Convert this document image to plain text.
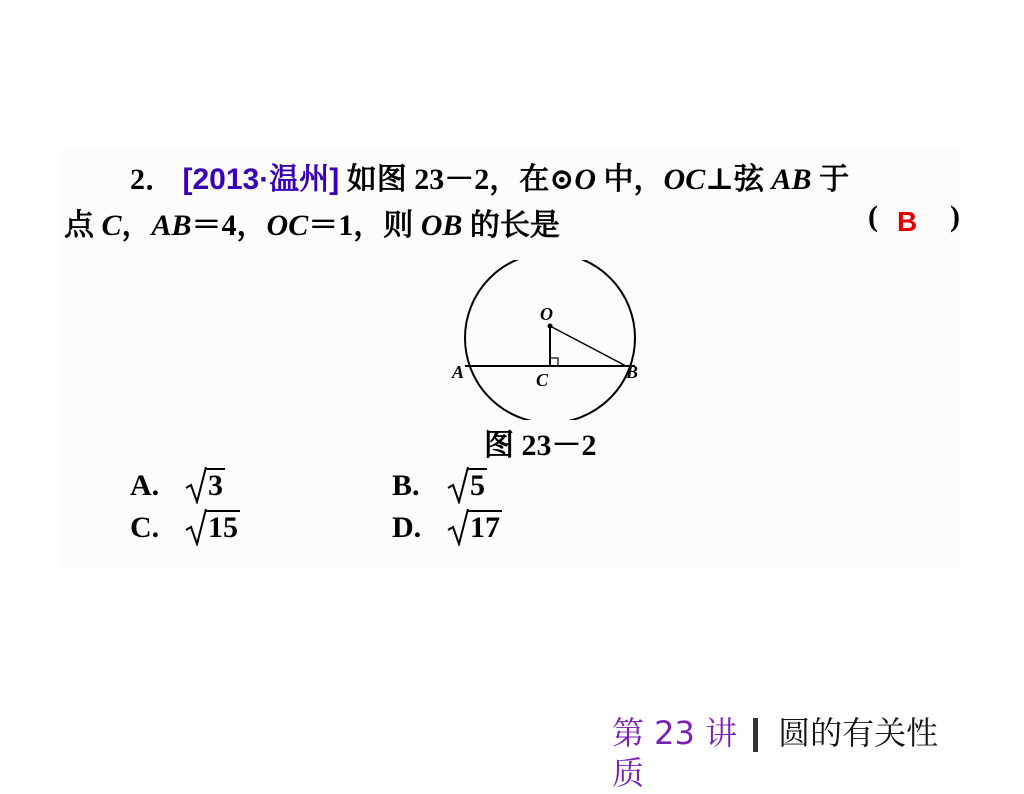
2． [2013·温州] 如图 23－2，在⊙O 中，OC⊥弦 AB 于
点 C，AB＝4，OC＝1，则 OB 的长是	( B )
O
C
A	B
图 23－2
A. 3	B. 5
C. 15	D. 17
第 23 讲 圆的有关性
质
